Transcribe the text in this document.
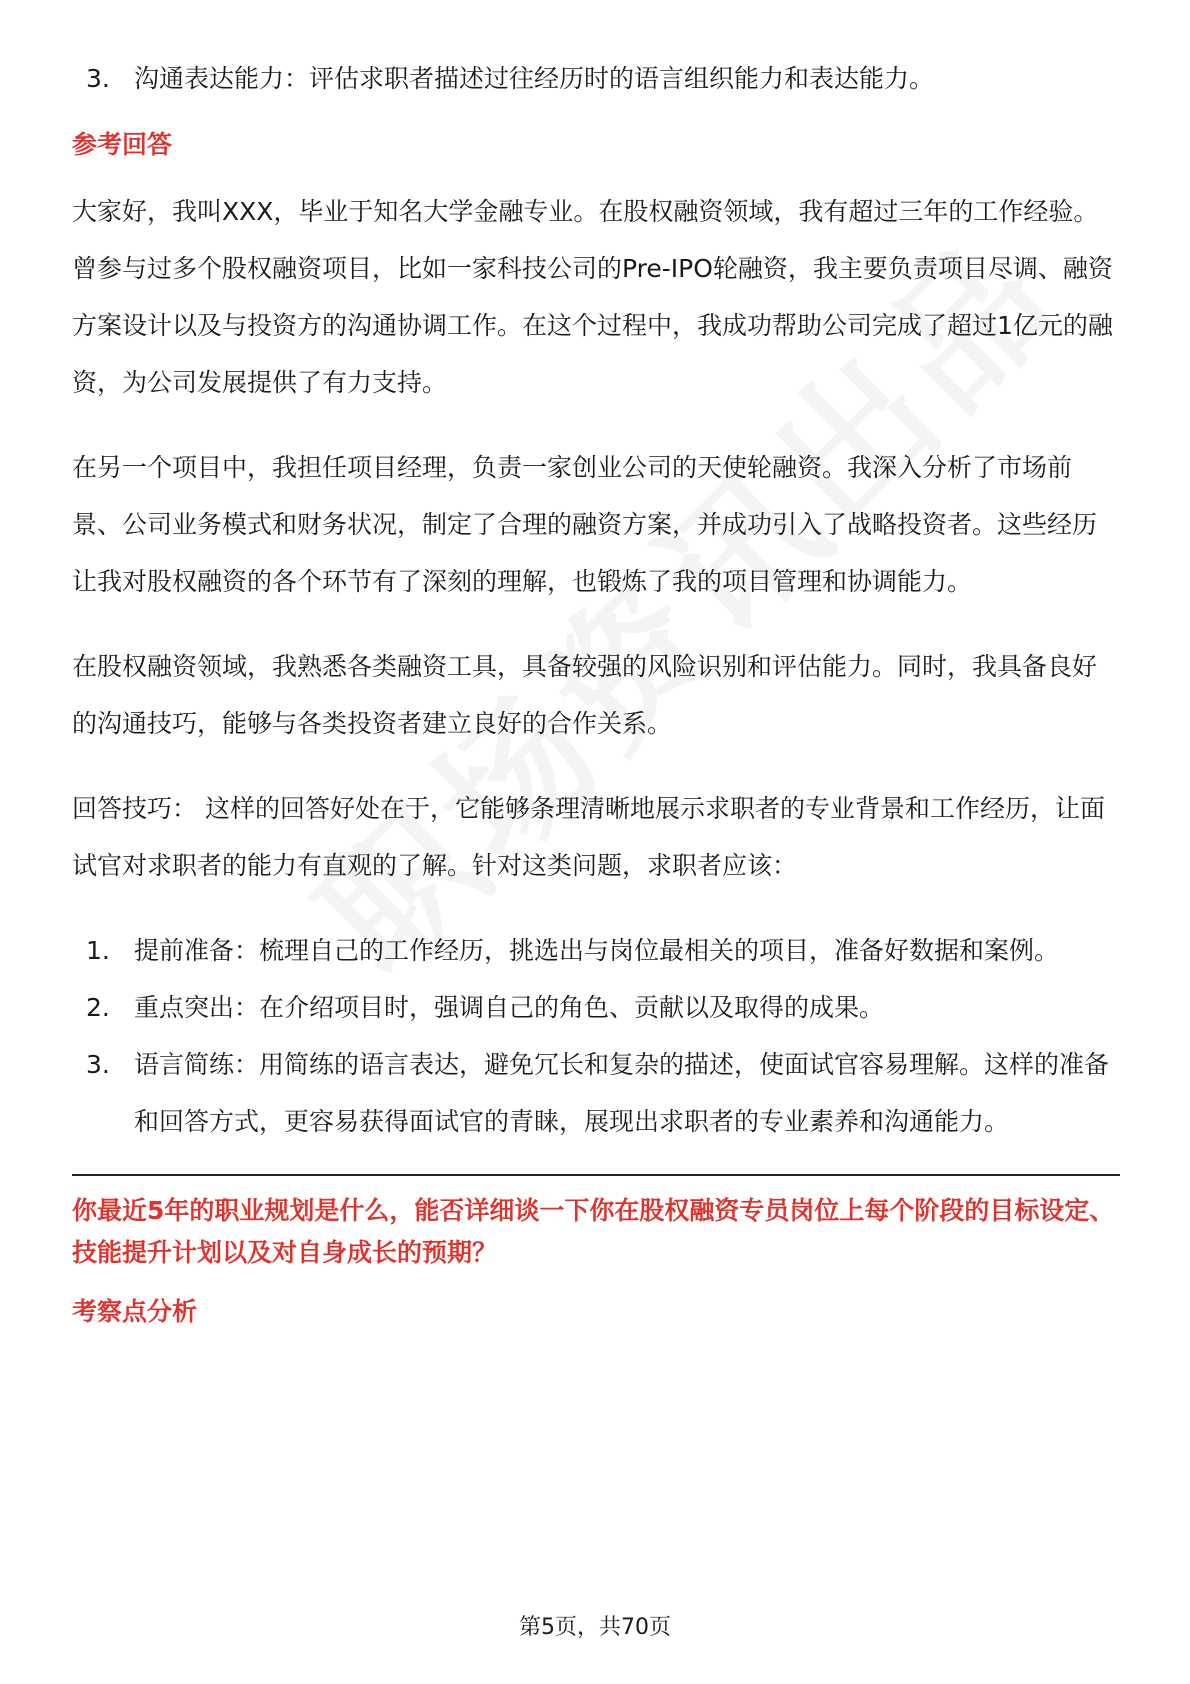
3. 沟通表达能力：评估求职者描述过往经历时的语言组织能力和表达能力。

参考回答

大家好，我叫XXX，毕业于知名大学金融专业。在股权融资领域，我有超过三年的工作经验。曾参与过多个股权融资项目，比如一家科技公司的Pre-IPO轮融资，我主要负责项目尽调、融资方案设计以及与投资方的沟通协调工作。在这个过程中，我成功帮助公司完成了超过1亿元的融资，为公司发展提供了有力支持。

在另一个项目中，我担任项目经理，负责一家创业公司的天使轮融资。我深入分析了市场前景、公司业务模式和财务状况，制定了合理的融资方案，并成功引入了战略投资者。这些经历让我对股权融资的各个环节有了深刻的理解，也锻炼了我的项目管理和协调能力。

在股权融资领域，我熟悉各类融资工具，具备较强的风险识别和评估能力。同时，我具备良好的沟通技巧，能够与各类投资者建立良好的合作关系。

回答技巧： 这样的回答好处在于，它能够条理清晰地展示求职者的专业背景和工作经历，让面试官对求职者的能力有直观的了解。针对这类问题，求职者应该：

1. 提前准备：梳理自己的工作经历，挑选出与岗位最相关的项目，准备好数据和案例。
2. 重点突出：在介绍项目时，强调自己的角色、贡献以及取得的成果。
3. 语言简练：用简练的语言表达，避免冗长和复杂的描述，使面试官容易理解。这样的准备和回答方式，更容易获得面试官的青睐，展现出求职者的专业素养和沟通能力。

你最近5年的职业规划是什么，能否详细谈一下你在股权融资专员岗位上每个阶段的目标设定、技能提升计划以及对自身成长的预期？

考察点分析

第5页，共70页
